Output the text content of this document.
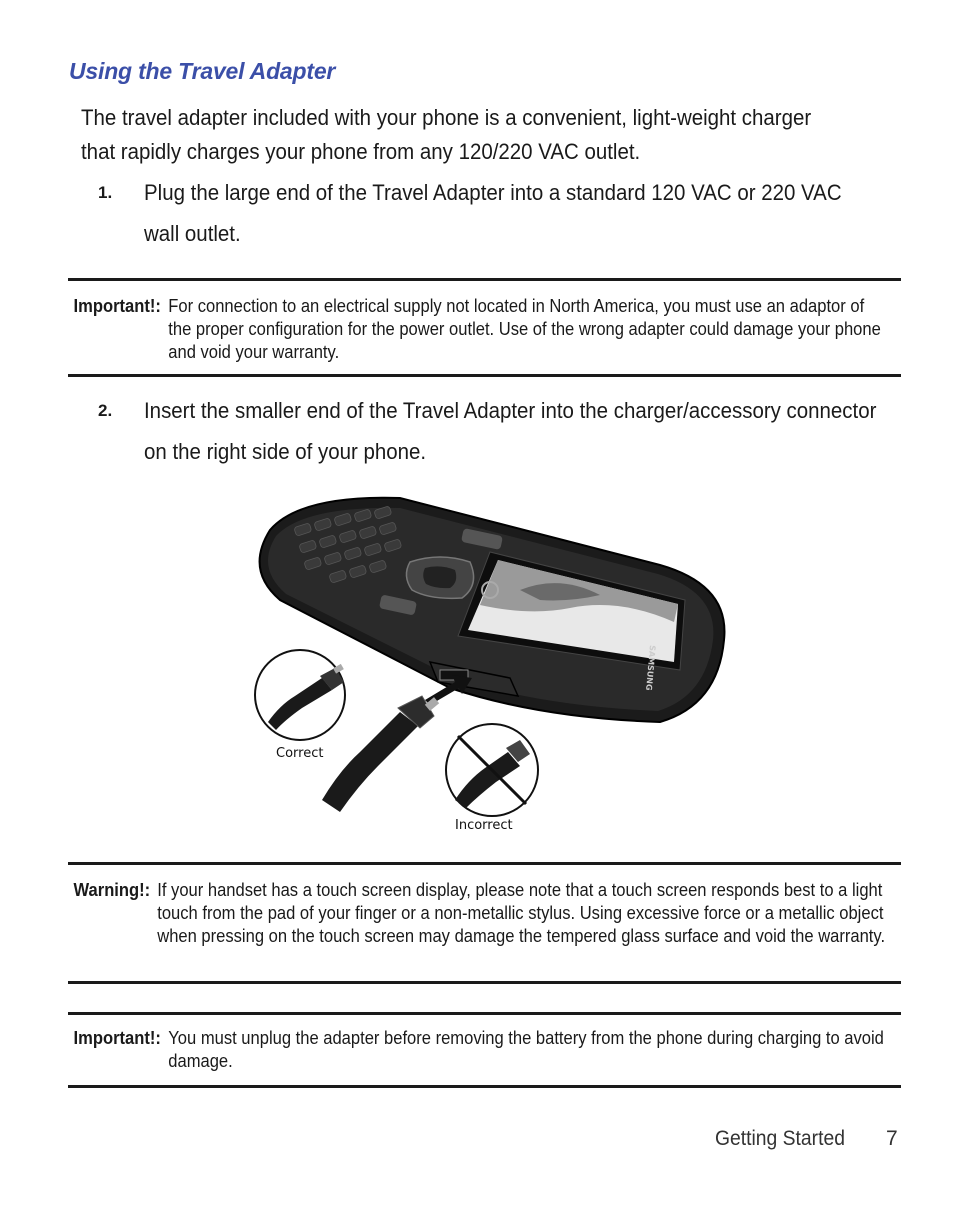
Using the Travel Adapter

The travel adapter included with your phone is a convenient, light-weight charger that rapidly charges your phone from any 120/220 VAC outlet.

1. Plug the large end of the Travel Adapter into a standard 120 VAC or 220 VAC wall outlet.
Important!: For connection to an electrical supply not located in North America, you must use an adaptor of the proper configuration for the power outlet. Use of the wrong adapter could damage your phone and void your warranty.
2. Insert the smaller end of the Travel Adapter into the charger/accessory connector on the right side of your phone.
SAMSUNG
Correct
Incorrect
Warning!: If your handset has a touch screen display, please note that a touch screen responds best to a light touch from the pad of your finger or a non-metallic stylus. Using excessive force or a metallic object when pressing on the touch screen may damage the tempered glass surface and void the warranty.
Important!: You must unplug the adapter before removing the battery from the phone during charging to avoid damage.
Getting Started 7
